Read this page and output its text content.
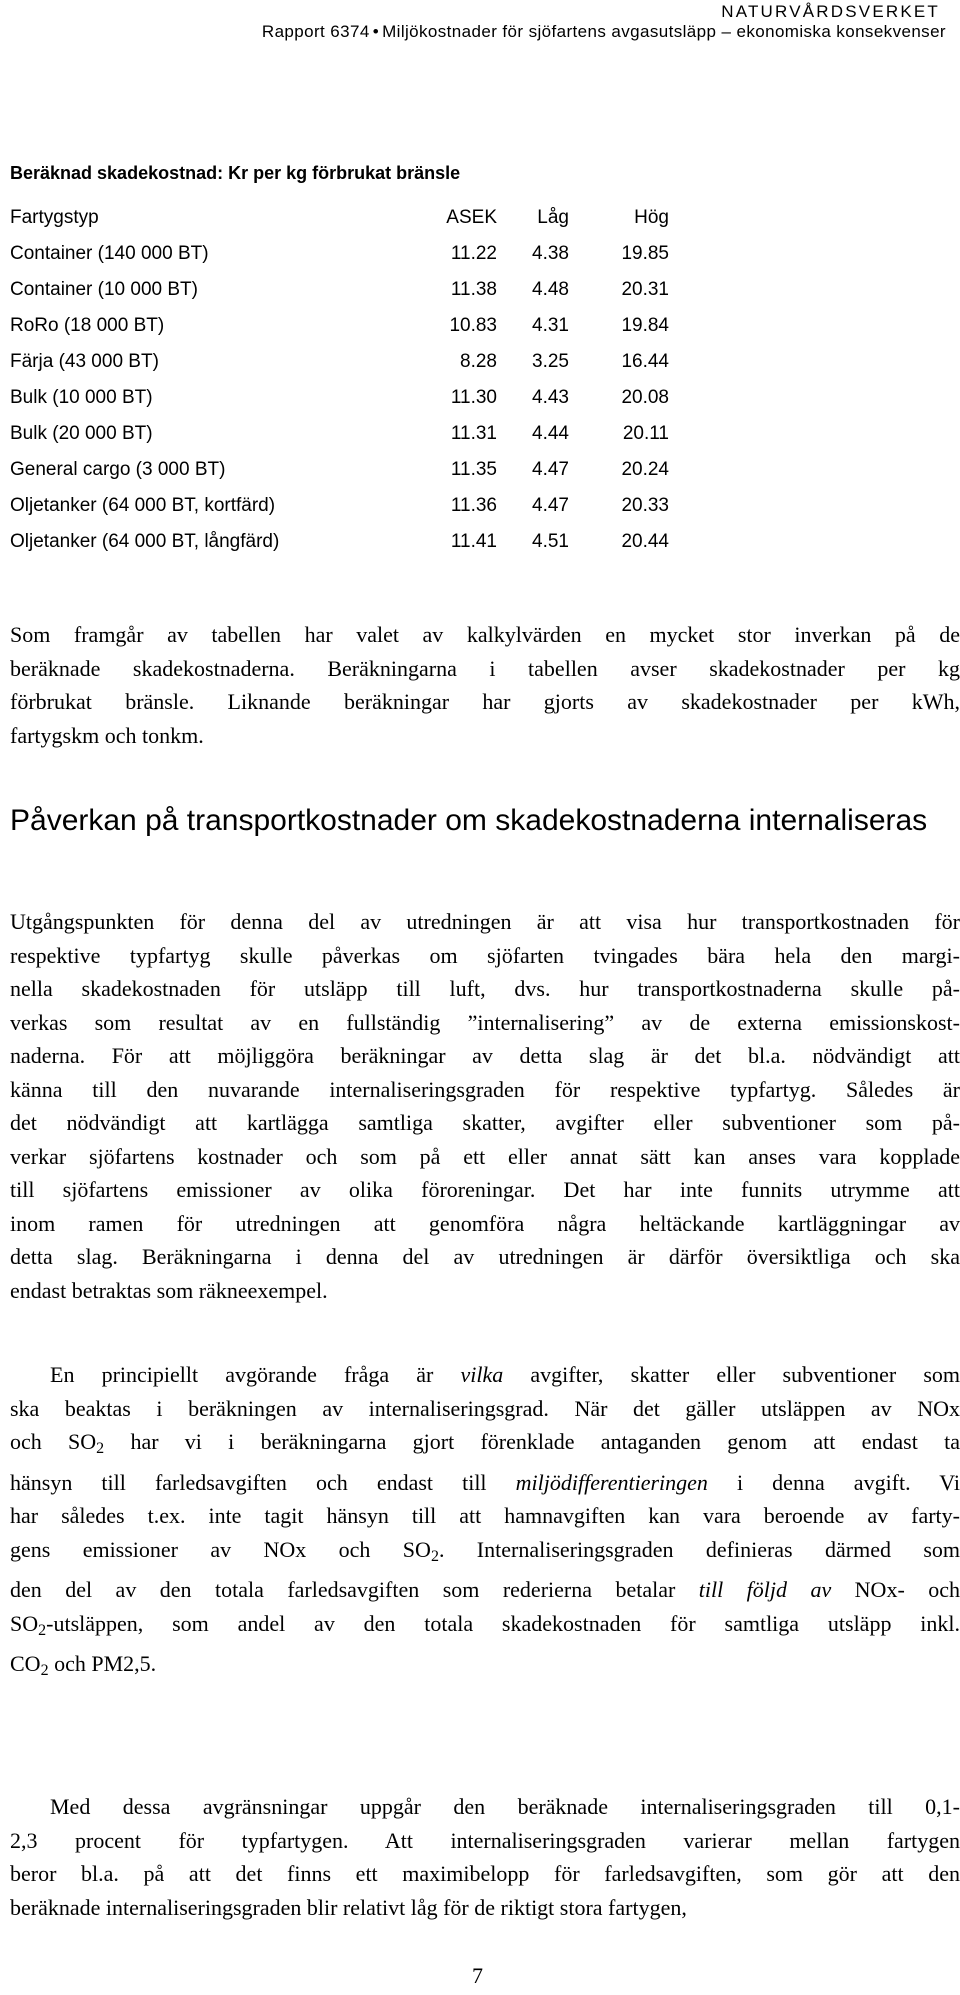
NATURVÅRDSVERKET
Rapport 6374 • Miljökostnader för sjöfartens avgasutsläpp – ekonomiska konsekvenser
Beräknad skadekostnad: Kr per kg förbrukat bränsle
Fartygstyp	ASEK	Låg	Hög
Container (140 000 BT)	11.22	4.38	19.85
Container (10 000 BT)	11.38	4.48	20.31
RoRo (18 000 BT)	10.83	4.31	19.84
Färja (43 000 BT)	8.28	3.25	16.44
Bulk (10 000 BT)	11.30	4.43	20.08
Bulk (20 000 BT)	11.31	4.44	20.11
General cargo (3 000 BT)	11.35	4.47	20.24
Oljetanker (64 000 BT, kortfärd)	11.36	4.47	20.33
Oljetanker (64 000 BT, långfärd)	11.41	4.51	20.44

Som framgår av tabellen har valet av kalkylvärden en mycket stor inverkan på de
beräknade skadekostnaderna. Beräkningarna i tabellen avser skadekostnader per kg
förbrukat bränsle. Liknande beräkningar har gjorts av skadekostnader per kWh,
fartygskm och tonkm.

Påverkan på transportkostnader om skadekostnaderna internaliseras

Utgångspunkten för denna del av utredningen är att visa hur transportkostnaden för
respektive typfartyg skulle påverkas om sjöfarten tvingades bära hela den margi-
nella skadekostnaden för utsläpp till luft, dvs. hur transportkostnaderna skulle på-
verkas som resultat av en fullständig ”internalisering” av de externa emissionskost-
naderna. För att möjliggöra beräkningar av detta slag är det bl.a. nödvändigt att
känna till den nuvarande internaliseringsgraden för respektive typfartyg. Således är
det nödvändigt att kartlägga samtliga skatter, avgifter eller subventioner som på-
verkar sjöfartens kostnader och som på ett eller annat sätt kan anses vara kopplade
till sjöfartens emissioner av olika föroreningar. Det har inte funnits utrymme att
inom ramen för utredningen att genomföra några heltäckande kartläggningar av
detta slag. Beräkningarna i denna del av utredningen är därför översiktliga och ska
endast betraktas som räkneexempel.

En principiellt avgörande fråga är vilka avgifter, skatter eller subventioner som
ska beaktas i beräkningen av internaliseringsgrad. När det gäller utsläppen av NOx
och $SO_2$ har vi i beräkningarna gjort förenklade antaganden genom att endast ta
hänsyn till farledsavgiften och endast till miljödifferentieringen i denna avgift. Vi
har således t.ex. inte tagit hänsyn till att hamnavgiften kan vara beroende av farty-
gens emissioner av NOx och $SO_2$. Internaliseringsgraden definieras därmed som
den del av den totala farledsavgiften som rederierna betalar till följd av NOx- och
$SO_2$-utsläppen, som andel av den totala skadekostnaden för samtliga utsläpp inkl.
$CO_2$ och PM2,5.

Med dessa avgränsningar uppgår den beräknade internaliseringsgraden till 0,1-
2,3 procent för typfartygen. Att internaliseringsgraden varierar mellan fartygen
beror bl.a. på att det finns ett maximibelopp för farledsavgiften, som gör att den
beräknade internaliseringsgraden blir relativt låg för de riktigt stora fartygen,

7
